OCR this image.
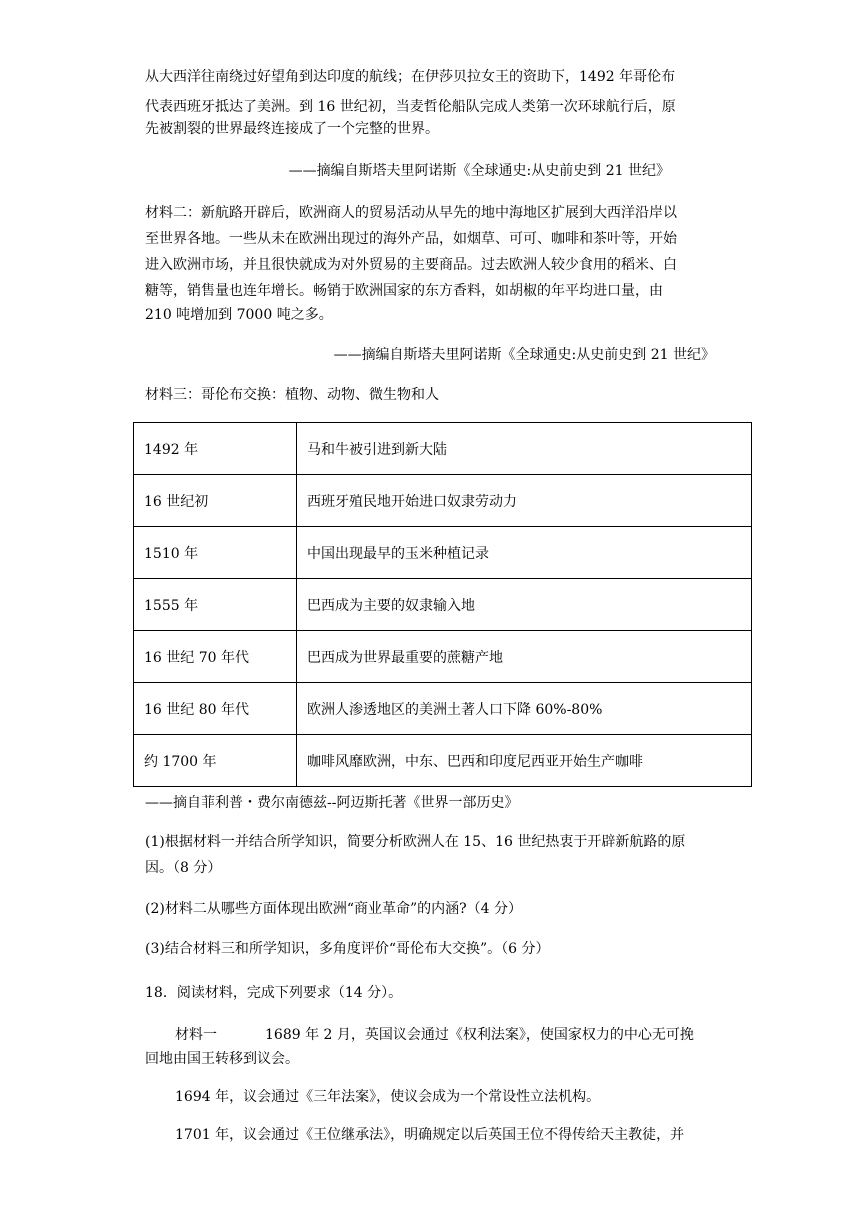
从大西洋往南绕过好望角到达印度的航线；在伊莎贝拉女王的资助下，1492 年哥伦布
代表西班牙抵达了美洲。到 16 世纪初，当麦哲伦船队完成人类第一次环球航行后，原
先被割裂的世界最终连接成了一个完整的世界。
——摘编自斯塔夫里阿诺斯《全球通史:从史前史到 21 世纪》
材料二：新航路开辟后，欧洲商人的贸易活动从早先的地中海地区扩展到大西洋沿岸以
至世界各地。一些从未在欧洲出现过的海外产品，如烟草、可可、咖啡和茶叶等，开始
进入欧洲市场，并且很快就成为对外贸易的主要商品。过去欧洲人较少食用的稻米、白
糖等，销售量也连年增长。畅销于欧洲国家的东方香料，如胡椒的年平均进口量，由
210 吨增加到 7000 吨之多。
——摘编自斯塔夫里阿诺斯《全球通史:从史前史到 21 世纪》
材料三：哥伦布交换：植物、动物、微生物和人
1492 年	马和牛被引进到新大陆
16 世纪初	西班牙殖民地开始进口奴隶劳动力
1510 年	中国出现最早的玉米种植记录
1555 年	巴西成为主要的奴隶输入地
16 世纪 70 年代	巴西成为世界最重要的蔗糖产地
16 世纪 80 年代	欧洲人渗透地区的美洲土著人口下降 60%-80%
约 1700 年	咖啡风靡欧洲，中东、巴西和印度尼西亚开始生产咖啡
——摘自菲利普・费尔南德兹--阿迈斯托著《世界一部历史》
(1)根据材料一并结合所学知识，简要分析欧洲人在 15、16 世纪热衷于开辟新航路的原
因。（8 分）
(2)材料二从哪些方面体现出欧洲“商业革命”的内涵?（4 分）
(3)结合材料三和所学知识，多角度评价“哥伦布大交换”。（6 分）
18．阅读材料，完成下列要求（14 分）。
材料一	1689 年 2 月，英国议会通过《权利法案》，使国家权力的中心无可挽
回地由国王转移到议会。
1694 年，议会通过《三年法案》，使议会成为一个常设性立法机构。
1701 年，议会通过《王位继承法》，明确规定以后英国王位不得传给天主教徒，并
